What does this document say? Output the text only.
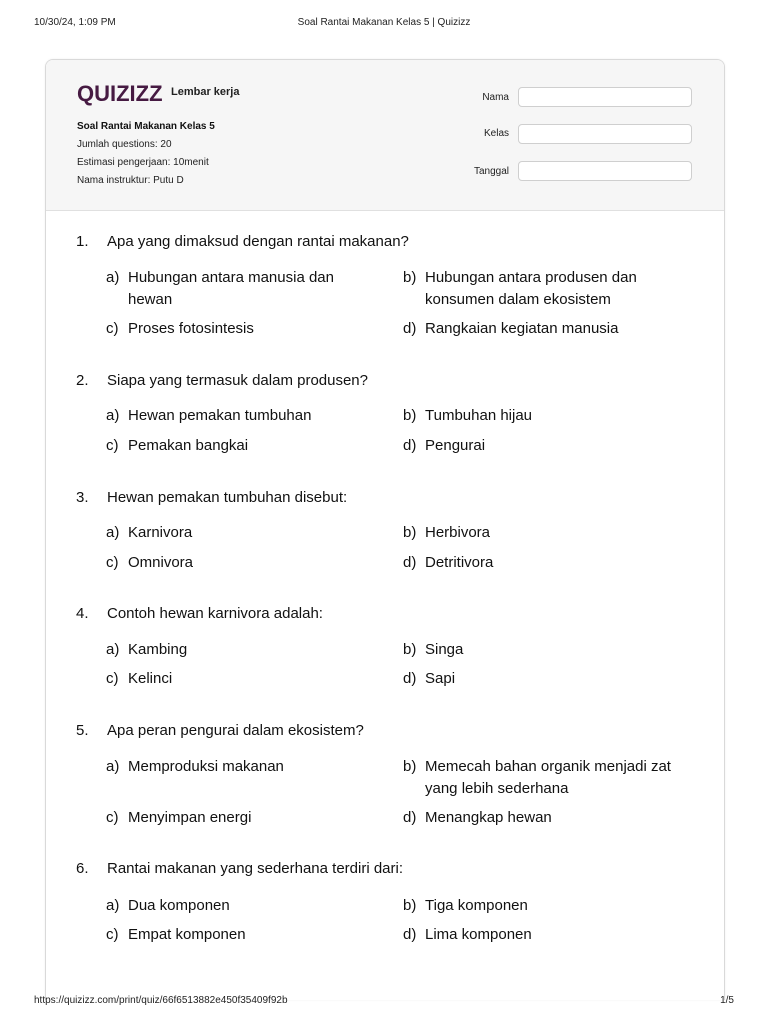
10/30/24, 1:09 PM	Soal Rantai Makanan Kelas 5 | Quizizz
QUIZIZZ Lembar kerja
Soal Rantai Makanan Kelas 5
Jumlah questions: 20
Estimasi pengerjaan: 10menit
Nama instruktur: Putu D
Nama
Kelas
Tanggal
1.	Apa yang dimaksud dengan rantai makanan?
a) Hubungan antara manusia dan hewan
b) Hubungan antara produsen dan konsumen dalam ekosistem
c) Proses fotosintesis	d) Rangkaian kegiatan manusia
2.	Siapa yang termasuk dalam produsen?
a) Hewan pemakan tumbuhan	b) Tumbuhan hijau
c) Pemakan bangkai	d) Pengurai
3.	Hewan pemakan tumbuhan disebut:
a) Karnivora	b) Herbivora
c) Omnivora	d) Detritivora
4.	Contoh hewan karnivora adalah:
a) Kambing	b) Singa
c) Kelinci	d) Sapi
5.	Apa peran pengurai dalam ekosistem?
a) Memproduksi makanan	b) Memecah bahan organik menjadi zat yang lebih sederhana
c) Menyimpan energi	d) Menangkap hewan
6.	Rantai makanan yang sederhana terdiri dari:
a) Dua komponen	b) Tiga komponen
c) Empat komponen	d) Lima komponen
https://quizizz.com/print/quiz/66f6513882e450f35409f92b	1/5
